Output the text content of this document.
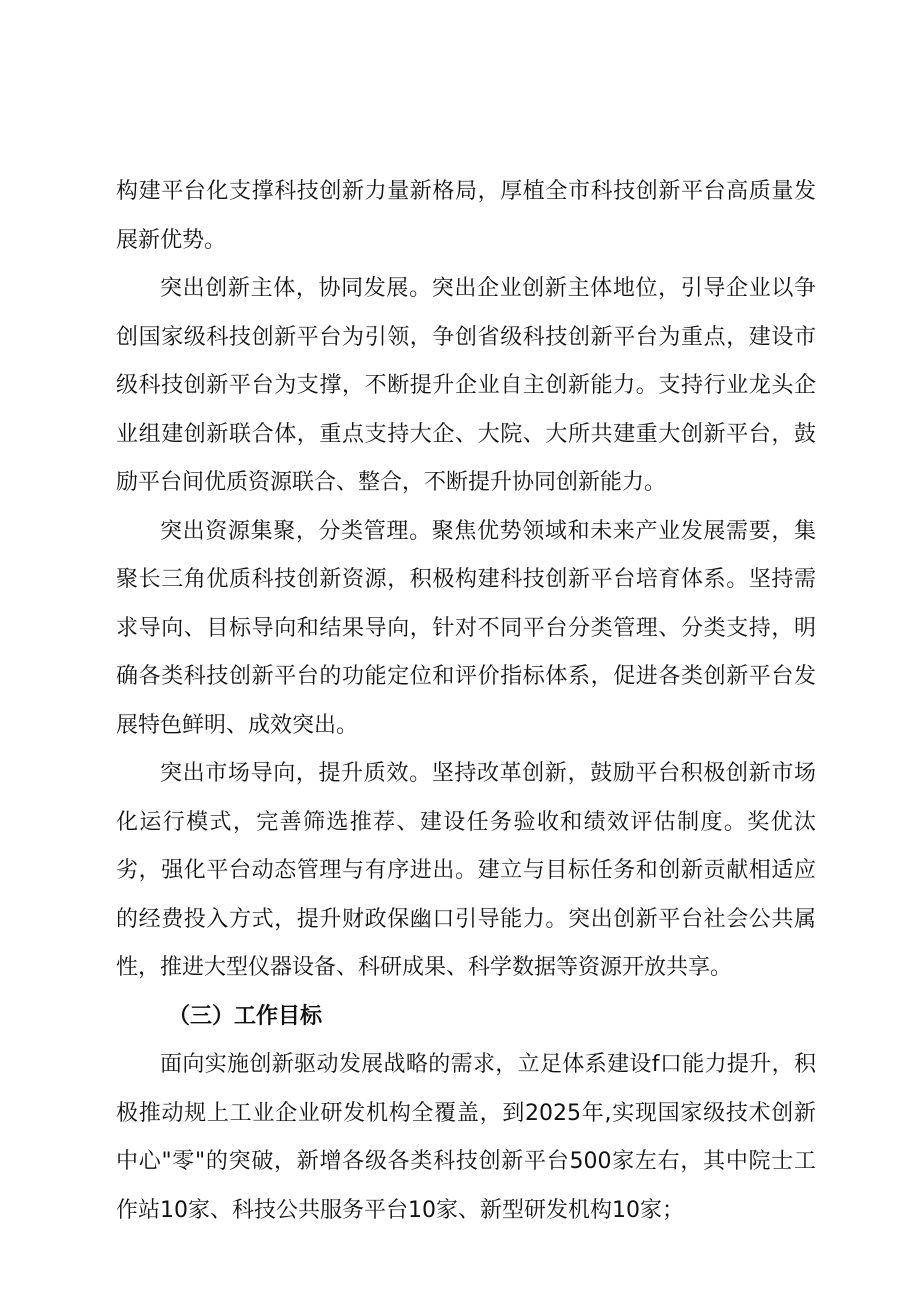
构建平台化支撑科技创新力量新格局，厚植全市科技创新平台高质量发展新优势。

突出创新主体，协同发展。突出企业创新主体地位，引导企业以争创国家级科技创新平台为引领，争创省级科技创新平台为重点，建设市级科技创新平台为支撑，不断提升企业自主创新能力。支持行业龙头企业组建创新联合体，重点支持大企、大院、大所共建重大创新平台，鼓励平台间优质资源联合、整合，不断提升协同创新能力。

突出资源集聚，分类管理。聚焦优势领域和未来产业发展需要，集聚长三角优质科技创新资源，积极构建科技创新平台培育体系。坚持需求导向、目标导向和结果导向，针对不同平台分类管理、分类支持，明确各类科技创新平台的功能定位和评价指标体系，促进各类创新平台发展特色鲜明、成效突出。

突出市场导向，提升质效。坚持改革创新，鼓励平台积极创新市场化运行模式，完善筛选推荐、建设任务验收和绩效评估制度。奖优汰劣，强化平台动态管理与有序进出。建立与目标任务和创新贡献相适应的经费投入方式，提升财政保幽口引导能力。突出创新平台社会公共属性，推进大型仪器设备、科研成果、科学数据等资源开放共享。

（三）工作目标

面向实施创新驱动发展战略的需求，立足体系建设f口能力提升，积极推动规上工业企业研发机构全覆盖，到2025年,实现国家级技术创新中心"零"的突破，新增各级各类科技创新平台500家左右，其中院士工作站10家、科技公共服务平台10家、新型研发机构10家；
